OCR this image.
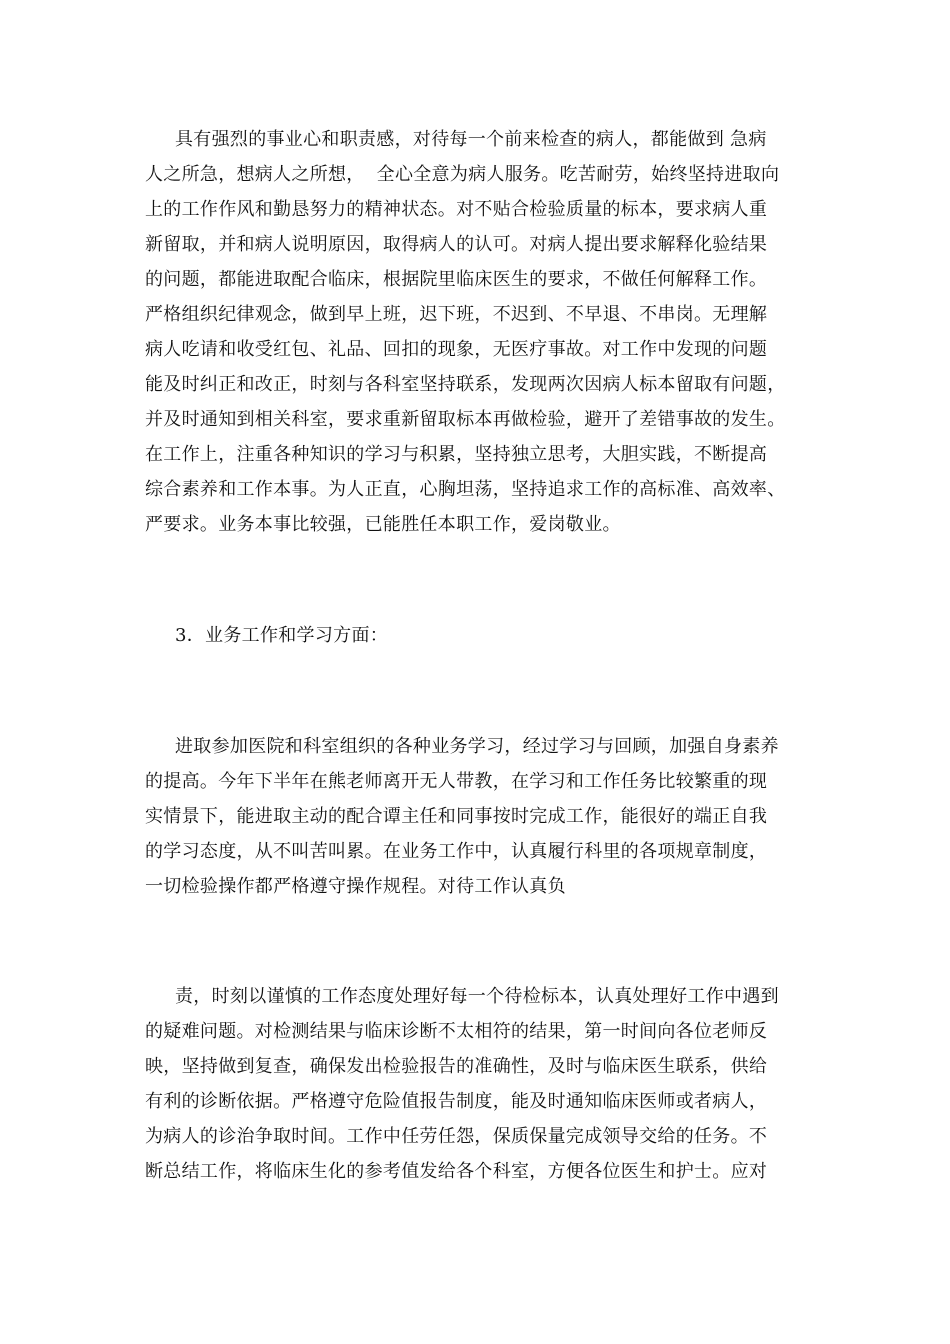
具有强烈的事业心和职责感，对待每一个前来检查的病人，都能做到 急病
人之所急，想病人之所想，  全心全意为病人服务。吃苦耐劳，始终坚持进取向
上的工作作风和勤恳努力的精神状态。对不贴合检验质量的标本，要求病人重
新留取，并和病人说明原因，取得病人的认可。对病人提出要求解释化验结果
的问题，都能进取配合临床，根据院里临床医生的要求，不做任何解释工作。
严格组织纪律观念，做到早上班，迟下班，不迟到、不早退、不串岗。无理解
病人吃请和收受红包、礼品、回扣的现象，无医疗事故。对工作中发现的问题
能及时纠正和改正，时刻与各科室坚持联系，发现两次因病人标本留取有问题，
并及时通知到相关科室，要求重新留取标本再做检验，避开了差错事故的发生。
在工作上，注重各种知识的学习与积累，坚持独立思考，大胆实践，不断提高
综合素养和工作本事。为人正直，心胸坦荡，坚持追求工作的高标准、高效率、
严要求。业务本事比较强，已能胜任本职工作，爱岗敬业。
3．业务工作和学习方面：
进取参加医院和科室组织的各种业务学习，经过学习与回顾，加强自身素养
的提高。今年下半年在熊老师离开无人带教，在学习和工作任务比较繁重的现
实情景下，能进取主动的配合谭主任和同事按时完成工作，能很好的端正自我
的学习态度，从不叫苦叫累。在业务工作中，认真履行科里的各项规章制度，
一切检验操作都严格遵守操作规程。对待工作认真负
责，时刻以谨慎的工作态度处理好每一个待检标本，认真处理好工作中遇到
的疑难问题。对检测结果与临床诊断不太相符的结果，第一时间向各位老师反
映，坚持做到复查，确保发出检验报告的准确性，及时与临床医生联系，供给
有利的诊断依据。严格遵守危险值报告制度，能及时通知临床医师或者病人，
为病人的诊治争取时间。工作中任劳任怨，保质保量完成领导交给的任务。不
断总结工作，将临床生化的参考值发给各个科室，方便各位医生和护士。应对
